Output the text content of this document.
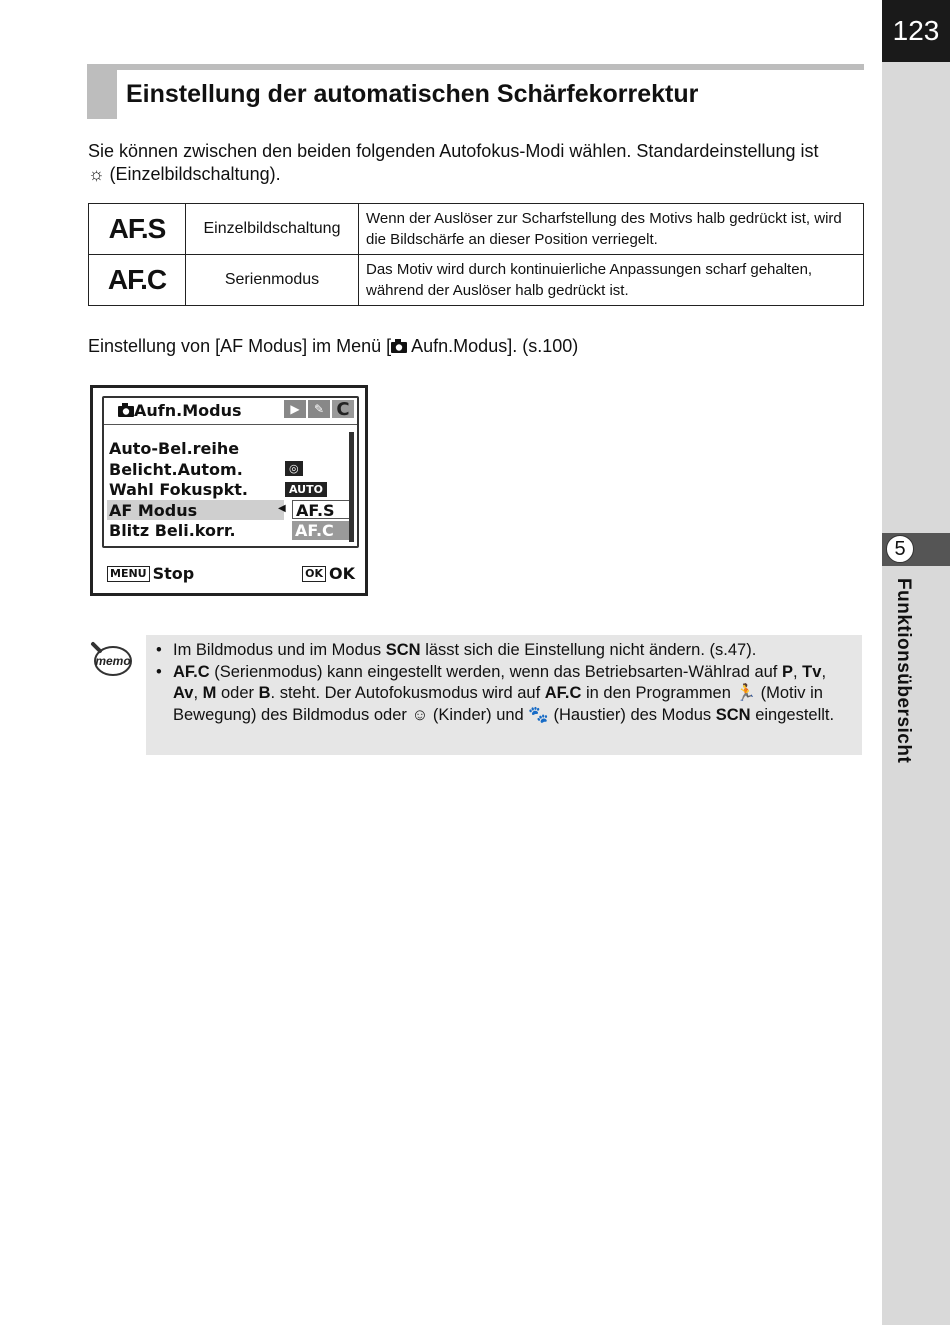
123
5
Funktionsübersicht
Einstellung der automatischen Schärfekorrektur
Sie können zwischen den beiden folgenden Autofokus-Modi wählen. Standardeinstellung ist
☼ (Einzelbildschaltung).
AF.S	Einzelbildschaltung	Wenn der Auslöser zur Scharfstellung des Motivs halb gedrückt ist, wird die Bildschärfe an dieser Position verriegelt.
AF.C	Serienmodus	Das Motiv wird durch kontinuierliche Anpassungen scharf gehalten, während der Auslöser halb gedrückt ist.
Einstellung von [AF Modus] im Menü [ Aufn.Modus]. (s.100)
Aufn.Modus	▶	✎ C
Auto-Bel.reihe
Belicht.Autom.
Wahl Fokuspkt.
AF Modus
Blitz Beli.korr.
◎
AUTO
◀ AF.S
AF.C
MENU Stop	OK OK
memo
• Im Bildmodus und im Modus SCN lässt sich die Einstellung nicht ändern. (s.47).
• AF.C (Serienmodus) kann eingestellt werden, wenn das Betriebsarten-Wählrad auf P, Tv, Av, M oder B. steht. Der Autofokusmodus wird auf AF.C in den Programmen 🏃 (Motiv in Bewegung) des Bildmodus oder ☺ (Kinder) und 🐾 (Haustier) des Modus SCN eingestellt.
